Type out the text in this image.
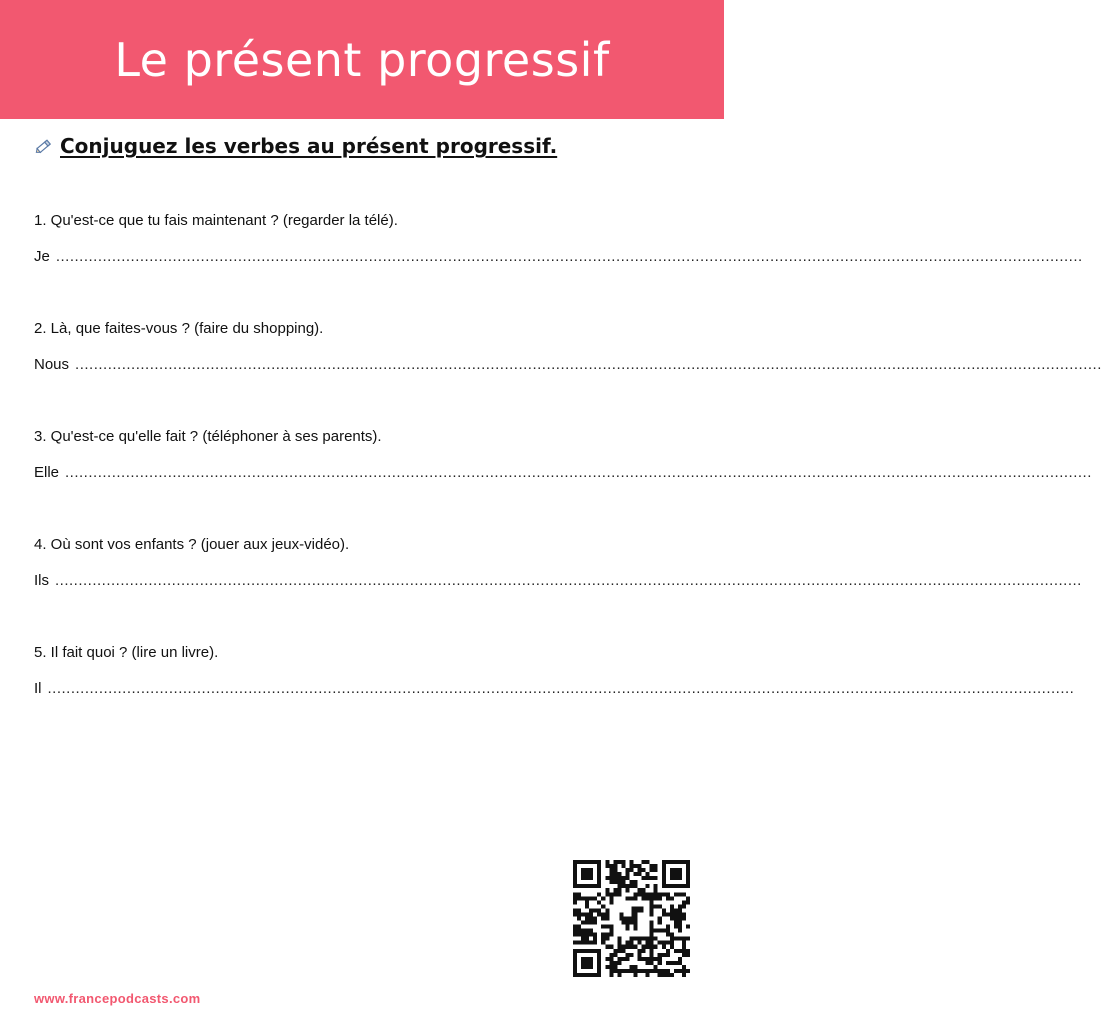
Le présent progressif
Conjuguez les verbes au présent progressif.
1. Qu'est-ce que tu fais maintenant ? (regarder la télé).
Je ............................................................................................................................................................................................................................
2. Là, que faites-vous ? (faire du shopping).
Nous ............................................................................................................................................................................................................................
3. Qu'est-ce qu'elle fait ? (téléphoner à ses parents).
Elle ............................................................................................................................................................................................................................
4. Où sont vos enfants ? (jouer aux jeux-vidéo).
Ils ............................................................................................................................................................................................................................
5. Il fait quoi ? (lire un livre).
Il ............................................................................................................................................................................................................................
www.francepodcasts.com
